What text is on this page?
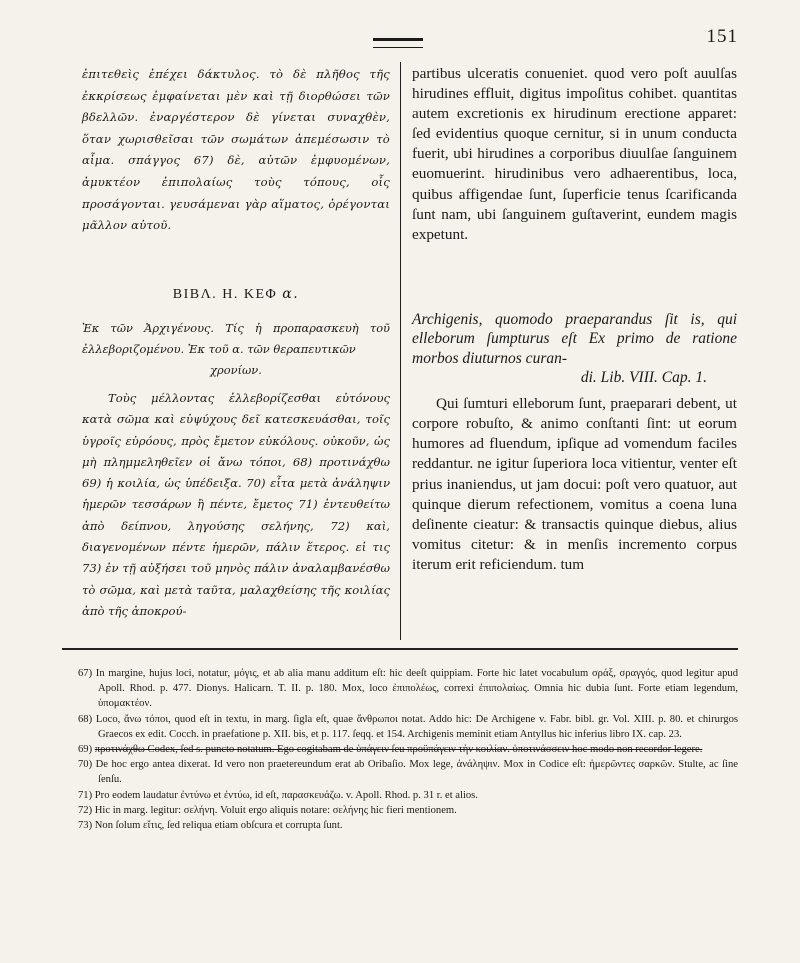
151

ἐπιτεθεὶς ἐπέχει δάκτυλος. τὸ δὲ πλῆθος τῆς ἐκκρίσεως ἐμφαίνεται μὲν καὶ τῇ διορθώσει τῶν βδελλῶν. ἐναργέστερον δὲ γίνεται συναχθὲν, ὅταν χωρισθεῖσαι τῶν σωμάτων ἀπεμέσωσιν τὸ αἷμα. σπάγγος 67) δὲ, αὐτῶν ἐμφυομένων, ἀμυκτέον ἐπιπολαίως τοὺς τόπους, οἷς προσάγονται. γευσάμεναι γὰρ αἵματος, ὀρέγονται μᾶλλον αὐτοῦ.

ΒΙΒΛ. Η. ΚΕΦ α.
Ἐκ τῶν Ἀρχιγένους. Τίς ἡ προπαρασκευὴ τοῦ ἐλλεβοριζομένου. Ἐκ τοῦ α. τῶν θεραπευτικῶν
χρονίων.
Τοὺς μέλλοντας ἐλλεβορίζεσθαι εὐτόνους κατὰ σῶμα καὶ εὐψύχους δεῖ κατεσκευάσθαι, τοῖς ὑγροῖς εὐρόους, πρὸς ἔμετον εὐκόλους. οὐκοῦν, ὡς μὴ πλημμεληθεῖεν οἱ ἄνω τόποι, 68) προτινάχθω 69) ἡ κοιλία, ὡς ὑπέδειξα. 70) εἶτα μετὰ ἀνάληψιν ἡμερῶν τεσσάρων ἢ πέντε, ἔμετος 71) ἐντευθείτω ἀπὸ δείπνου, ληγούσης σελήνης, 72) καὶ, διαγενομένων πέντε ἡμερῶν, πάλιν ἕτερος. εἰ τις 73) ἐν τῇ αὐξήσει τοῦ μηνὸς πάλιν ἀναλαμβανέσθω τὸ σῶμα, καὶ μετὰ ταῦτα, μαλαχθείσης τῆς κοιλίας ἀπὸ τῆς ἀποκρού-

partibus ulceratis conueniet. quod vero poſt auulſas hirudines effluit, digitus impoſitus cohibet. quantitas autem excretionis ex hirudinum erectione apparet: ſed evidentius quoque cernitur, si in unum conducta fuerit, ubi hirudines a corporibus diuulſae ſanguinem euomuerint. hirudinibus vero adhaerentibus, loca, quibus affigendae ſunt, ſuperficie tenus ſcarificanda ſunt nam, ubi ſanguinem guſtaverint, eundem magis expetunt.

Archigenis, quomodo praeparandus ſit is, qui elleborum ſumpturus eſt Ex primo de ratione morbos diuturnos curan-
di. Lib. VIII. Cap. 1.

Qui ſumturi elleborum ſunt, praeparari debent, ut corpore robuſto, & animo conſtanti ſint: ut eorum humores ad fluendum, ipſique ad vomendum faciles reddantur. ne igitur ſuperiora loca vitientur, venter eſt prius inaniendus, ut jam docui: poſt vero quatuor, aut quinque dierum refectionem, vomitus a coena luna deſinente cieatur: & transactis quinque diebus, alius vomitus citetur: & in menſis incremento corpus iterum erit reficiendum. tum

67) In margine, hujus loci, notatur, μόγις, et ab alia manu additum eſt: hic deeſt quippiam. Forte hic latet vocabulum σράξ, σραγγός, quod legitur apud Apoll. Rhod. p. 477. Dionys. Halicarn. T. II. p. 180. Mox, loco ἐπιπολέως, correxi ἐπιπολαίως. Omnia hic dubia ſunt. Forte etiam legendum, ὑπομακτέον.

68) Loco, ἄνω τόποι, quod eſt in textu, in marg. ſigla eſt, quae ἄνθρωποι notat. Addo hic: De Archigene v. Fabr. bibl. gr. Vol. XIII. p. 80. et chirurgos Graecos ex edit. Cocch. in praefatione p. XII. bis, et p. 117. ſeqq. et 154. Archigenis meminit etiam Antyllus hic inferius libro IX. cap. 23.

69) προτινάχθω Codex, ſed s. puncto notatum. Ego cogitabam de ὑπάγειν ſeu προϋπάγειν τὴν κοιλίαν. ὑποτινάσσειν hoc modo non recordor legere.

70) De hoc ergo antea dixerat. Id vero non praetereundum erat ab Oribaſio. Mox lege, ἀνάληψιν. Mox in Codice eſt: ἡμερῶντες σαρκῶν. Stulte, ac ſine ſenſu.

71) Pro eodem laudatur ἐντύνω et ἐντύω, id eſt, παρασκευάζω. v. Apoll. Rhod. p. 31 r. et alios.

72) Hic in marg. legitur: σελήνη. Voluit ergo aliquis notare: σελήνης hic fieri mentionem.

73) Non ſolum εἴτις, ſed reliqua etiam obſcura et corrupta ſunt.
